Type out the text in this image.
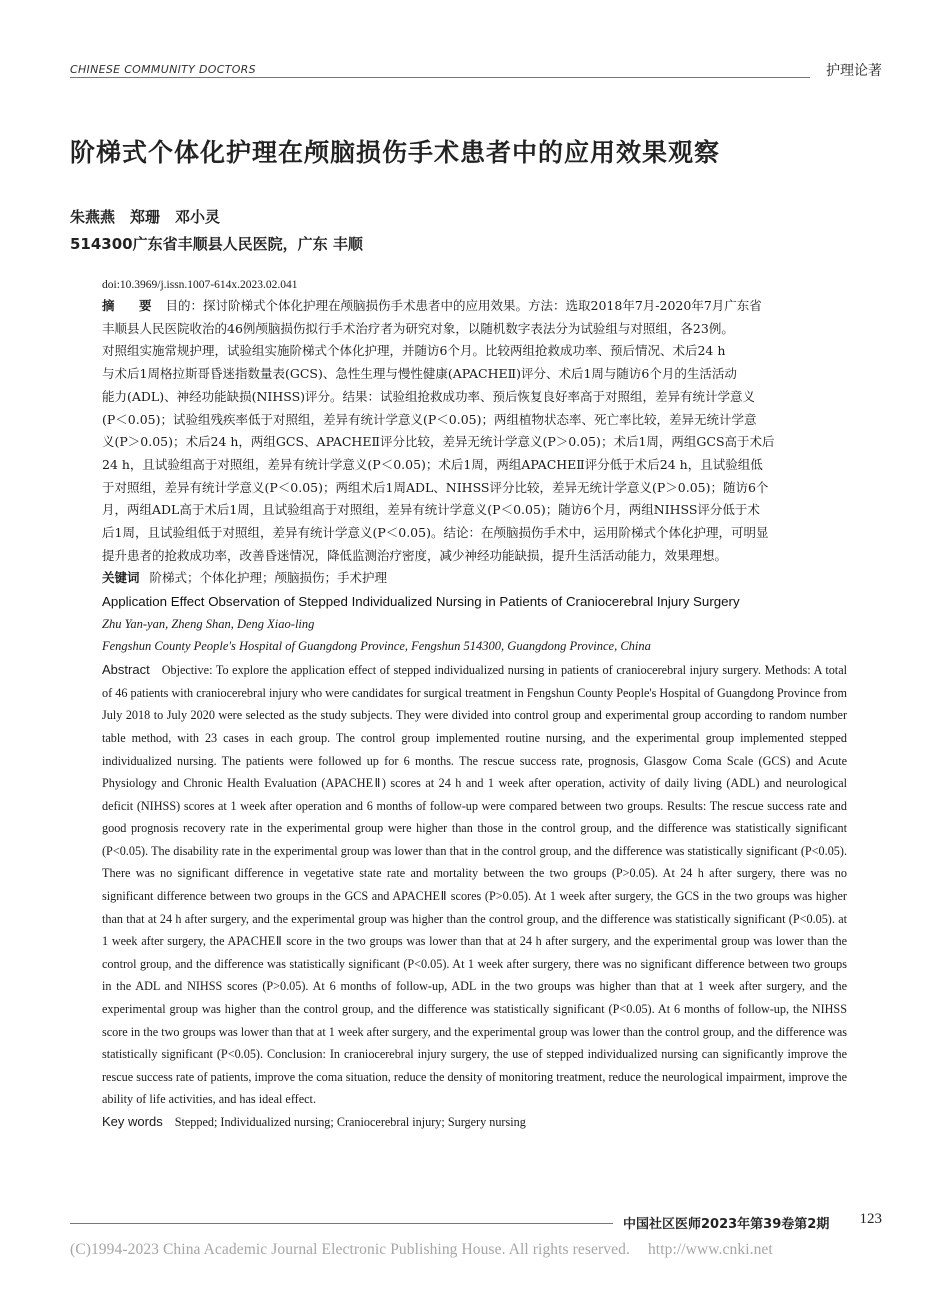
CHINESE COMMUNITY DOCTORS	护理论著
阶梯式个体化护理在颅脑损伤手术患者中的应用效果观察
朱燕燕　郑珊　邓小灵
514300广东省丰顺县人民医院，广东 丰顺
doi:10.3969/j.issn.1007-614x.2023.02.041
摘　要 目的：探讨阶梯式个体化护理在颅脑损伤手术患者中的应用效果。方法：选取2018年7月-2020年7月广东省
丰顺县人民医院收治的46例颅脑损伤拟行手术治疗者为研究对象，以随机数字表法分为试验组与对照组，各23例。
对照组实施常规护理，试验组实施阶梯式个体化护理，并随访6个月。比较两组抢救成功率、预后情况、术后24 h
与术后1周格拉斯哥昏迷指数量表(GCS)、急性生理与慢性健康(APACHEⅡ)评分、术后1周与随访6个月的生活活动
能力(ADL)、神经功能缺损(NIHSS)评分。结果：试验组抢救成功率、预后恢复良好率高于对照组，差异有统计学意义
(P＜0.05)；试验组残疾率低于对照组，差异有统计学意义(P＜0.05)；两组植物状态率、死亡率比较，差异无统计学意
义(P＞0.05)；术后24 h，两组GCS、APACHEⅡ评分比较，差异无统计学意义(P＞0.05)；术后1周，两组GCS高于术后
24 h，且试验组高于对照组，差异有统计学意义(P＜0.05)；术后1周，两组APACHEⅡ评分低于术后24 h，且试验组低
于对照组，差异有统计学意义(P＜0.05)；两组术后1周ADL、NIHSS评分比较，差异无统计学意义(P＞0.05)；随访6个
月，两组ADL高于术后1周，且试验组高于对照组，差异有统计学意义(P＜0.05)；随访6个月，两组NIHSS评分低于术
后1周，且试验组低于对照组，差异有统计学意义(P＜0.05)。结论：在颅脑损伤手术中，运用阶梯式个体化护理，可明显
提升患者的抢救成功率，改善昏迷情况，降低监测治疗密度，减少神经功能缺损，提升生活活动能力，效果理想。
关键词 阶梯式；个体化护理；颅脑损伤；手术护理
Application Effect Observation of Stepped Individualized Nursing in Patients of Craniocerebral Injury Surgery
Zhu Yan-yan, Zheng Shan, Deng Xiao-ling
Fengshun County People's Hospital of Guangdong Province, Fengshun 514300, Guangdong Province, China
Abstract Objective: To explore the application effect of stepped individualized nursing in patients of craniocerebral injury surgery. Methods: A total of 46 patients with craniocerebral injury who were candidates for surgical treatment in Fengshun County People's Hospital of Guangdong Province from July 2018 to July 2020 were selected as the study subjects. They were divided into control group and experimental group according to random number table method, with 23 cases in each group. The control group implemented routine nursing, and the experimental group implemented stepped individualized nursing. The patients were followed up for 6 months. The rescue success rate, prognosis, Glasgow Coma Scale (GCS) and Acute Physiology and Chronic Health Evaluation (APACHEⅡ) scores at 24 h and 1 week after operation, activity of daily living (ADL) and neurological deficit (NIHSS) scores at 1 week after operation and 6 months of follow-up were compared between two groups. Results: The rescue success rate and good prognosis recovery rate in the experimental group were higher than those in the control group, and the difference was statistically significant (P<0.05). The disability rate in the experimental group was lower than that in the control group, and the difference was statistically significant (P<0.05). There was no significant difference in vegetative state rate and mortality between the two groups (P>0.05). At 24 h after surgery, there was no significant difference between two groups in the GCS and APACHEⅡ scores (P>0.05). At 1 week after surgery, the GCS in the two groups was higher than that at 24 h after surgery, and the experimental group was higher than the control group, and the difference was statistically significant (P<0.05). at 1 week after surgery, the APACHEⅡ score in the two groups was lower than that at 24 h after surgery, and the experimental group was lower than the control group, and the difference was statistically significant (P<0.05). At 1 week after surgery, there was no significant difference between two groups in the ADL and NIHSS scores (P>0.05). At 6 months of follow-up, ADL in the two groups was higher than that at 1 week after surgery, and the experimental group was higher than the control group, and the difference was statistically significant (P<0.05). At 6 months of follow-up, the NIHSS score in the two groups was lower than that at 1 week after surgery, and the experimental group was lower than the control group, and the difference was statistically significant (P<0.05). Conclusion: In craniocerebral injury surgery, the use of stepped individualized nursing can significantly improve the rescue success rate of patients, improve the coma situation, reduce the density of monitoring treatment, reduce the neurological impairment, improve the ability of life activities, and has ideal effect.
Key words Stepped; Individualized nursing; Craniocerebral injury; Surgery nursing
中国社区医师2023年第39卷第2期 123
(C)1994-2023 China Academic Journal Electronic Publishing House. All rights reserved. http://www.cnki.net
